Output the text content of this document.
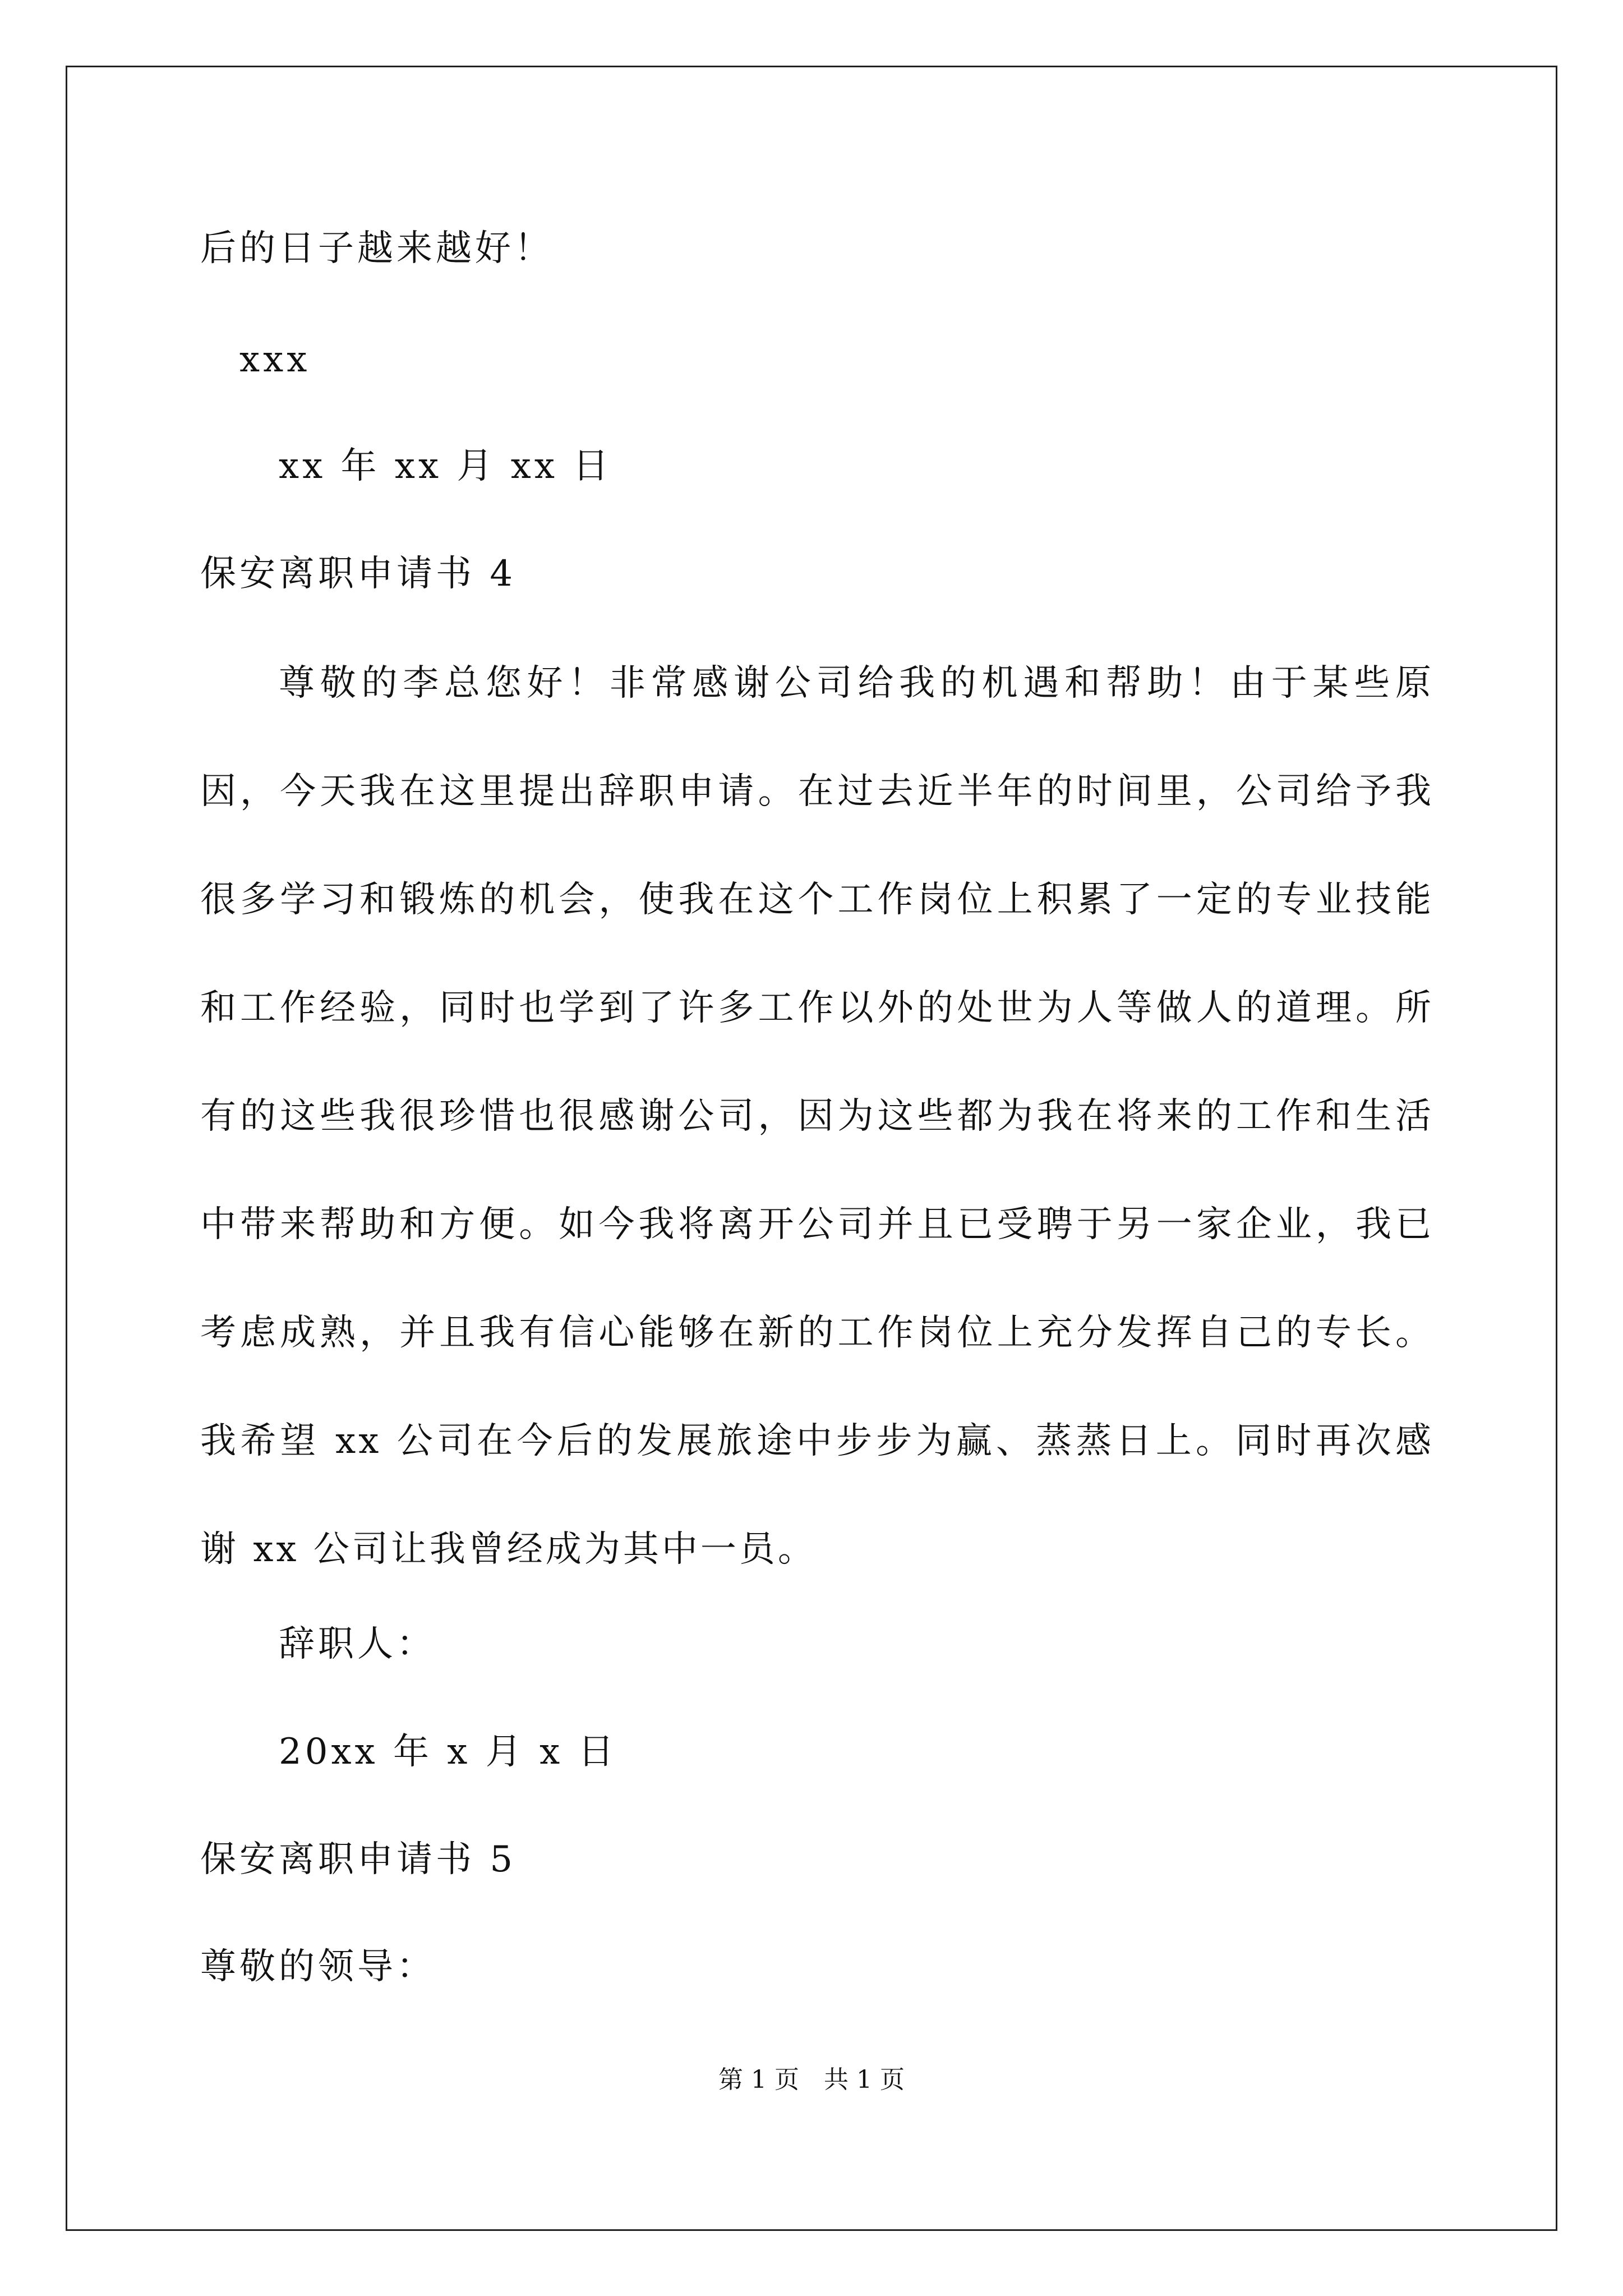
后的日子越来越好！
xxx
xx 年 xx 月 xx 日
保安离职申请书 4
尊敬的李总您好！非常感谢公司给我的机遇和帮助！由于某些原因，今天我在这里提出辞职申请。在过去近半年的时间里，公司给予我很多学习和锻炼的机会，使我在这个工作岗位上积累了一定的专业技能和工作经验，同时也学到了许多工作以外的处世为人等做人的道理。所有的这些我很珍惜也很感谢公司，因为这些都为我在将来的工作和生活中带来帮助和方便。如今我将离开公司并且已受聘于另一家企业，我已考虑成熟，并且我有信心能够在新的工作岗位上充分发挥自己的专长。我希望 xx 公司在今后的发展旅途中步步为赢、蒸蒸日上。同时再次感谢 xx 公司让我曾经成为其中一员。
辞职人：
20xx 年 x 月 x 日
保安离职申请书 5
尊敬的领导：
第 1 页　共 1 页
